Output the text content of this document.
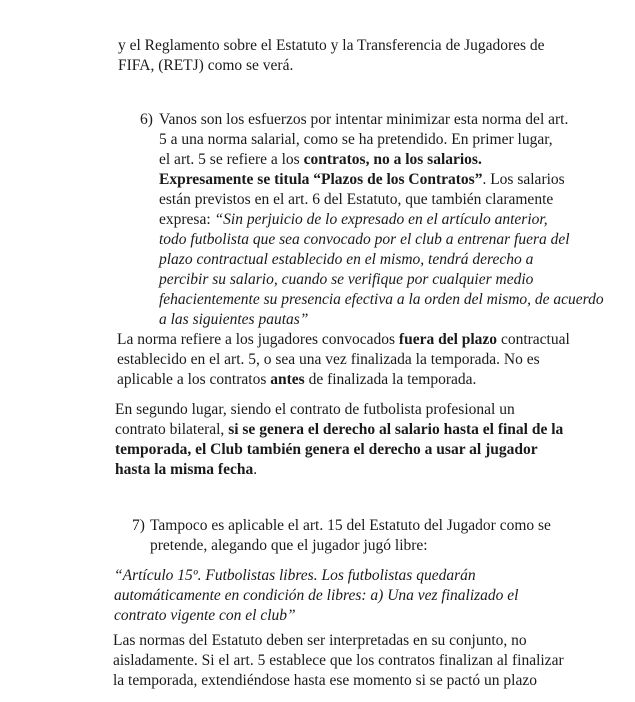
y el Reglamento sobre el Estatuto y la Transferencia de Jugadores de
FIFA, (RETJ) como se verá.
6) Vanos son los esfuerzos por intentar minimizar esta norma del art.
5 a una norma salarial, como se ha pretendido. En primer lugar,
el art. 5 se refiere a los contratos, no a los salarios.
Expresamente se titula “Plazos de los Contratos”. Los salarios
están previstos en el art. 6 del Estatuto, que también claramente
expresa: “Sin perjuicio de lo expresado en el artículo anterior,
todo futbolista que sea convocado por el club a entrenar fuera del
plazo contractual establecido en el mismo, tendrá derecho a
percibir su salario, cuando se verifique por cualquier medio
fehacientemente su presencia efectiva a la orden del mismo, de acuerdo
a las siguientes pautas”
La norma refiere a los jugadores convocados fuera del plazo contractual
establecido en el art. 5, o sea una vez finalizada la temporada. No es
aplicable a los contratos antes de finalizada la temporada.
En segundo lugar, siendo el contrato de futbolista profesional un
contrato bilateral, si se genera el derecho al salario hasta el final de la
temporada, el Club también genera el derecho a usar al jugador
hasta la misma fecha.
7) Tampoco es aplicable el art. 15 del Estatuto del Jugador como se
pretende, alegando que el jugador jugó libre:
“Artículo 15º. Futbolistas libres. Los futbolistas quedarán
automáticamente en condición de libres: a) Una vez finalizado el
contrato vigente con el club”
Las normas del Estatuto deben ser interpretadas en su conjunto, no
aisladamente. Si el art. 5 establece que los contratos finalizan al finalizar
la temporada, extendiéndose hasta ese momento si se pactó un plazo
